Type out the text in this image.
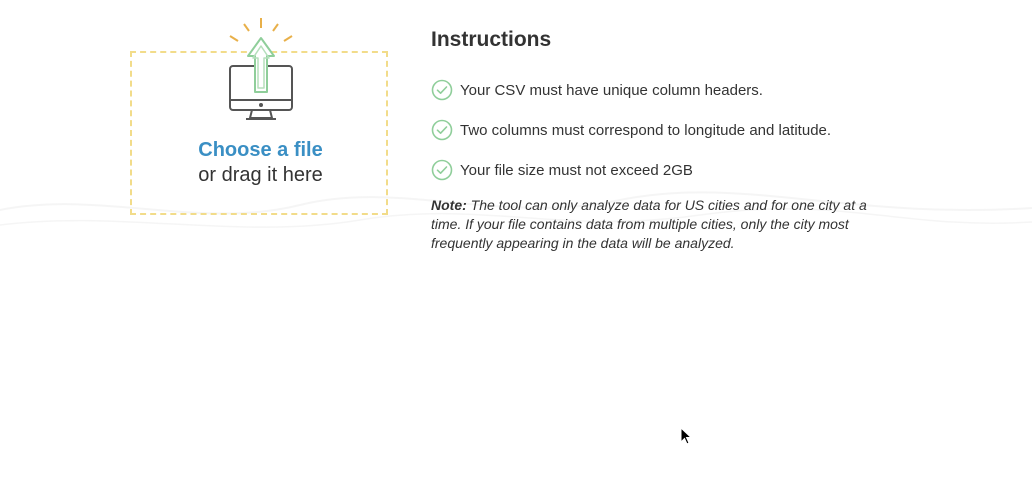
Choose a file
or drag it here
Instructions
Your CSV must have unique column headers.
Two columns must correspond to longitude and latitude.
Your file size must not exceed 2GB
Note: The tool can only analyze data for US cities and for one city at a time. If your file contains data from multiple cities, only the city most frequently appearing in the data will be analyzed.
